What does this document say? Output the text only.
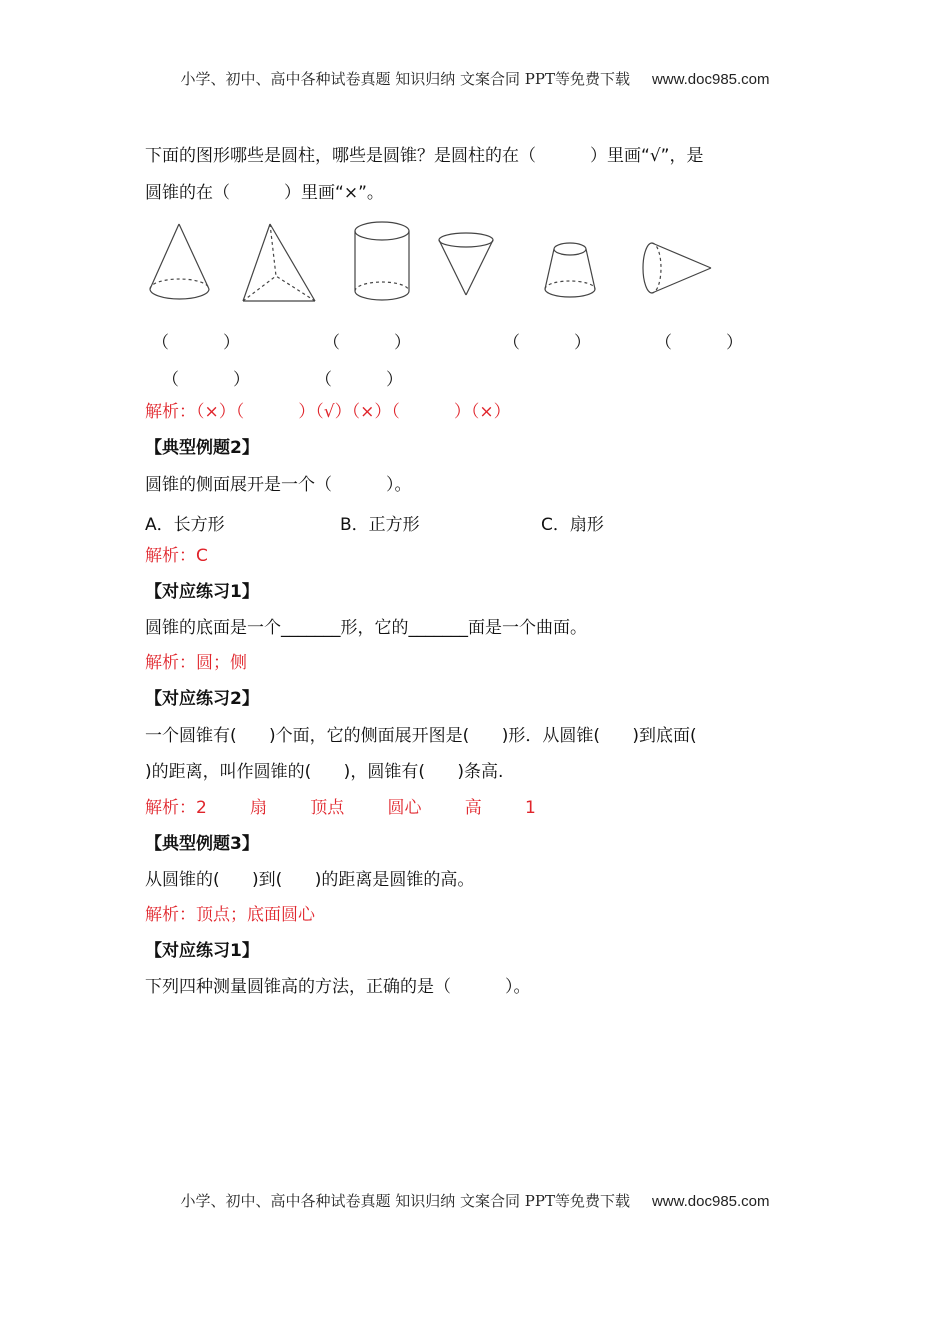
小学、初中、高中各种试卷真题 知识归纳 文案合同 PPT等免费下载 www.doc985.com
下面的图形哪些是圆柱，哪些是圆锥？是圆柱的在（          ）里画“√”，是
圆锥的在（          ）里画“×”。
（          ）	（          ）	（          ）	（          ）
（          ）	（          ）
解析：（×）（          ）（√）（×）（          ）（×）
【典型例题2】
圆锥的侧面展开是一个（          ）。
A．长方形	B．正方形	C．扇形
解析：C
【对应练习1】
圆锥的底面是一个_______形，它的_______面是一个曲面。
解析：圆；侧
【对应练习2】
一个圆锥有(      )个面，它的侧面展开图是(      )形．从圆锥(      )到底面(
)的距离，叫作圆锥的(      )，圆锥有(      )条高.
解析：2        扇        顶点        圆心        高        1
【典型例题3】
从圆锥的(      )到(      )的距离是圆锥的高。
解析：顶点；底面圆心
【对应练习1】
下列四种测量圆锥高的方法，正确的是（          ）。
小学、初中、高中各种试卷真题 知识归纳 文案合同 PPT等免费下载 www.doc985.com
